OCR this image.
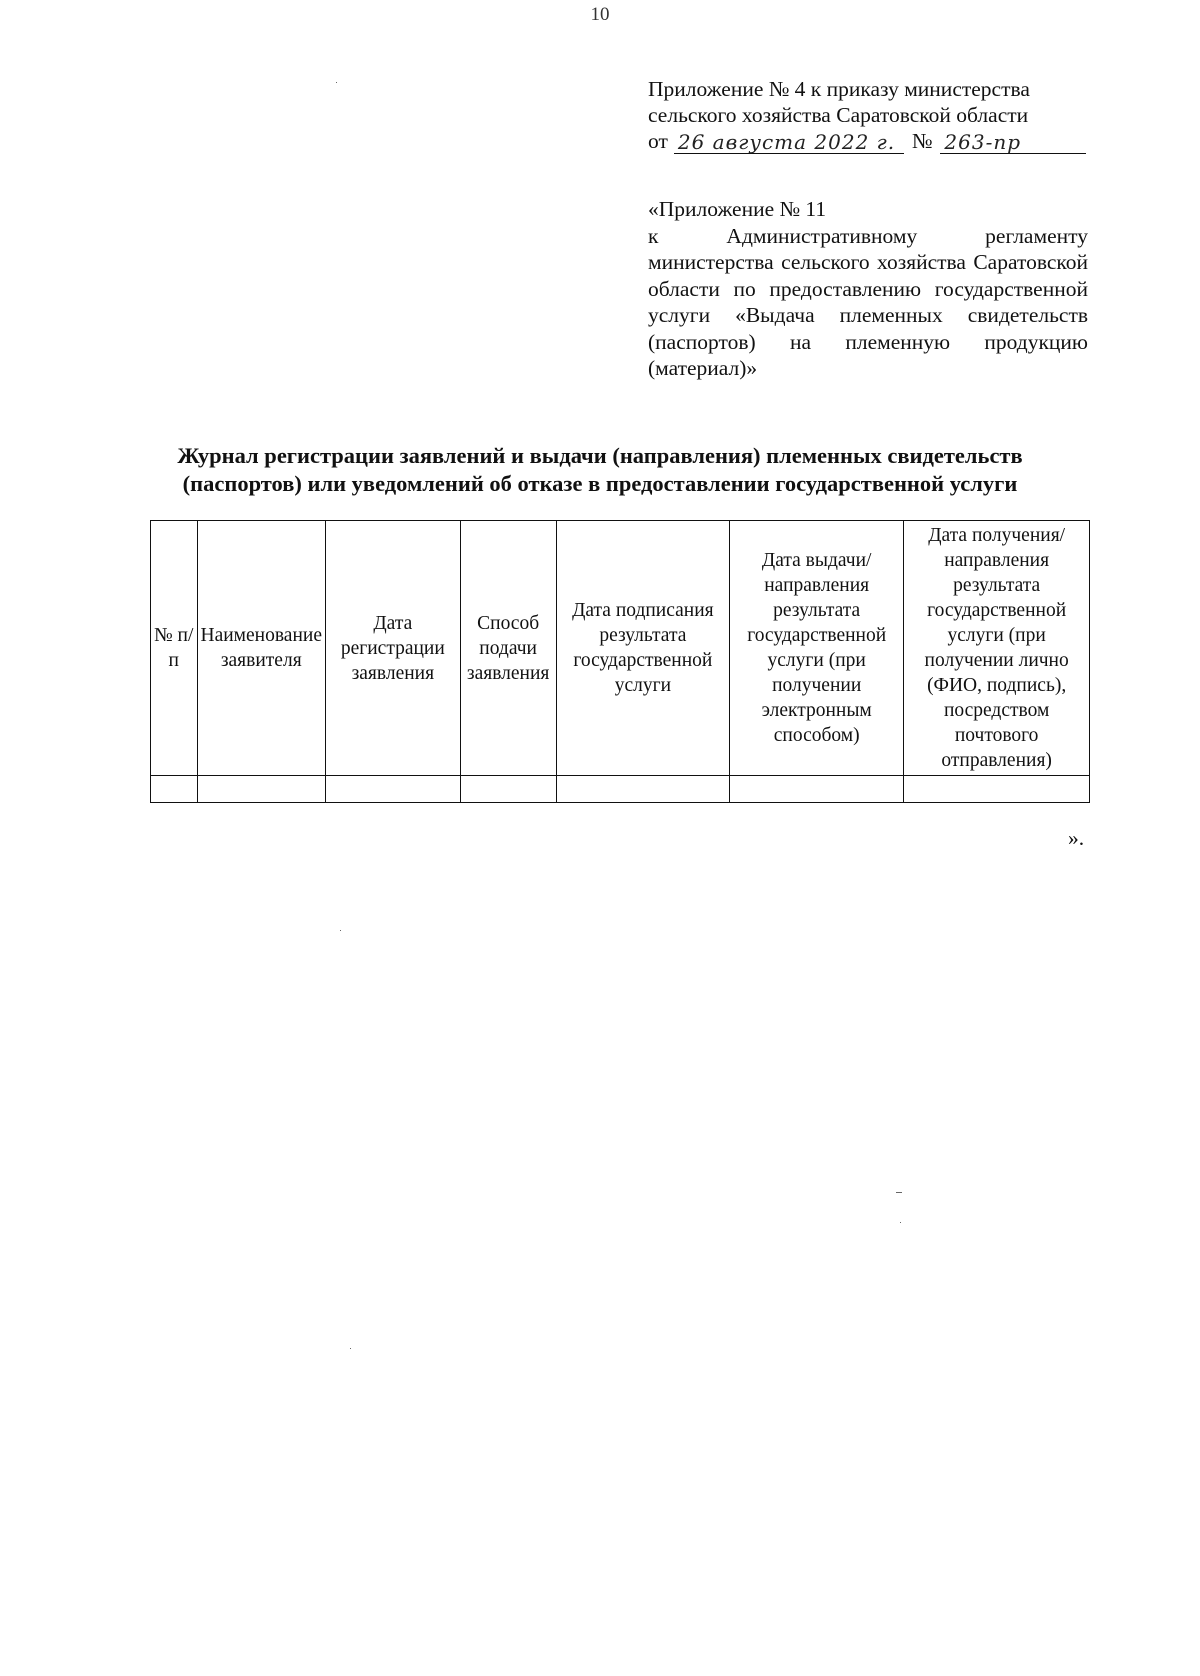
10
Приложение № 4 к приказу министерства
сельского хозяйства Саратовской области
от 26 августа 2022 г. № 263-пр
«Приложение № 11
к Административному регламенту министерства сельского хозяйства Саратовской области по предоставлению государственной услуги «Выдача племенных свидетельств (паспортов) на племенную продукцию (материал)»
Журнал регистрации заявлений и выдачи (направления) племенных свидетельств
(паспортов) или уведомлений об отказе в предоставлении государственной услуги
№ п/п	Наименование заявителя	Дата регистрации заявления	Способ подачи заявления	Дата подписания результата государственной услуги	Дата выдачи/направления результата государственной услуги (при получении электронным способом)	Дата получения/направления результата государственной услуги (при получении лично (ФИО, подпись), посредством почтового отправления)

».
